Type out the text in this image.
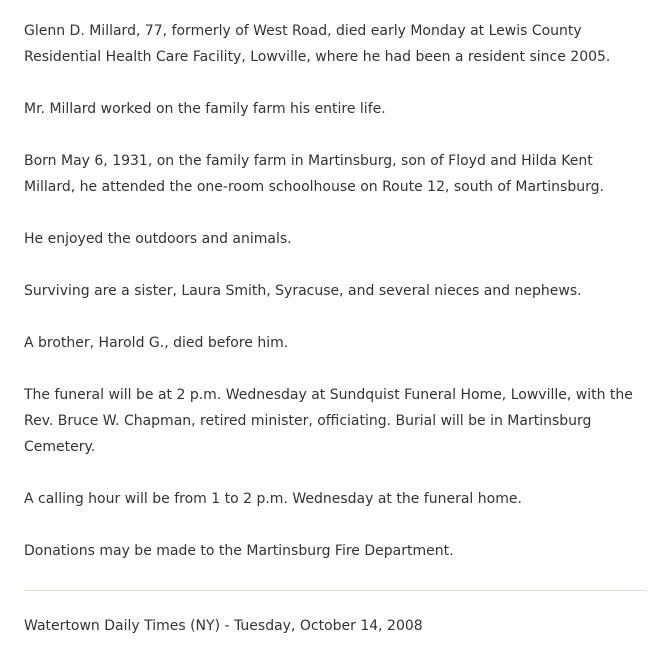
Glenn D. Millard, 77, formerly of West Road, died early Monday at Lewis County Residential Health Care Facility, Lowville, where he had been a resident since 2005.

Mr. Millard worked on the family farm his entire life.

Born May 6, 1931, on the family farm in Martinsburg, son of Floyd and Hilda Kent Millard, he attended the one-room schoolhouse on Route 12, south of Martinsburg.

He enjoyed the outdoors and animals.

Surviving are a sister, Laura Smith, Syracuse, and several nieces and nephews.

A brother, Harold G., died before him.

The funeral will be at 2 p.m. Wednesday at Sundquist Funeral Home, Lowville, with the Rev. Bruce W. Chapman, retired minister, officiating. Burial will be in Martinsburg Cemetery.

A calling hour will be from 1 to 2 p.m. Wednesday at the funeral home.

Donations may be made to the Martinsburg Fire Department.

Watertown Daily Times (NY) - Tuesday, October 14, 2008
